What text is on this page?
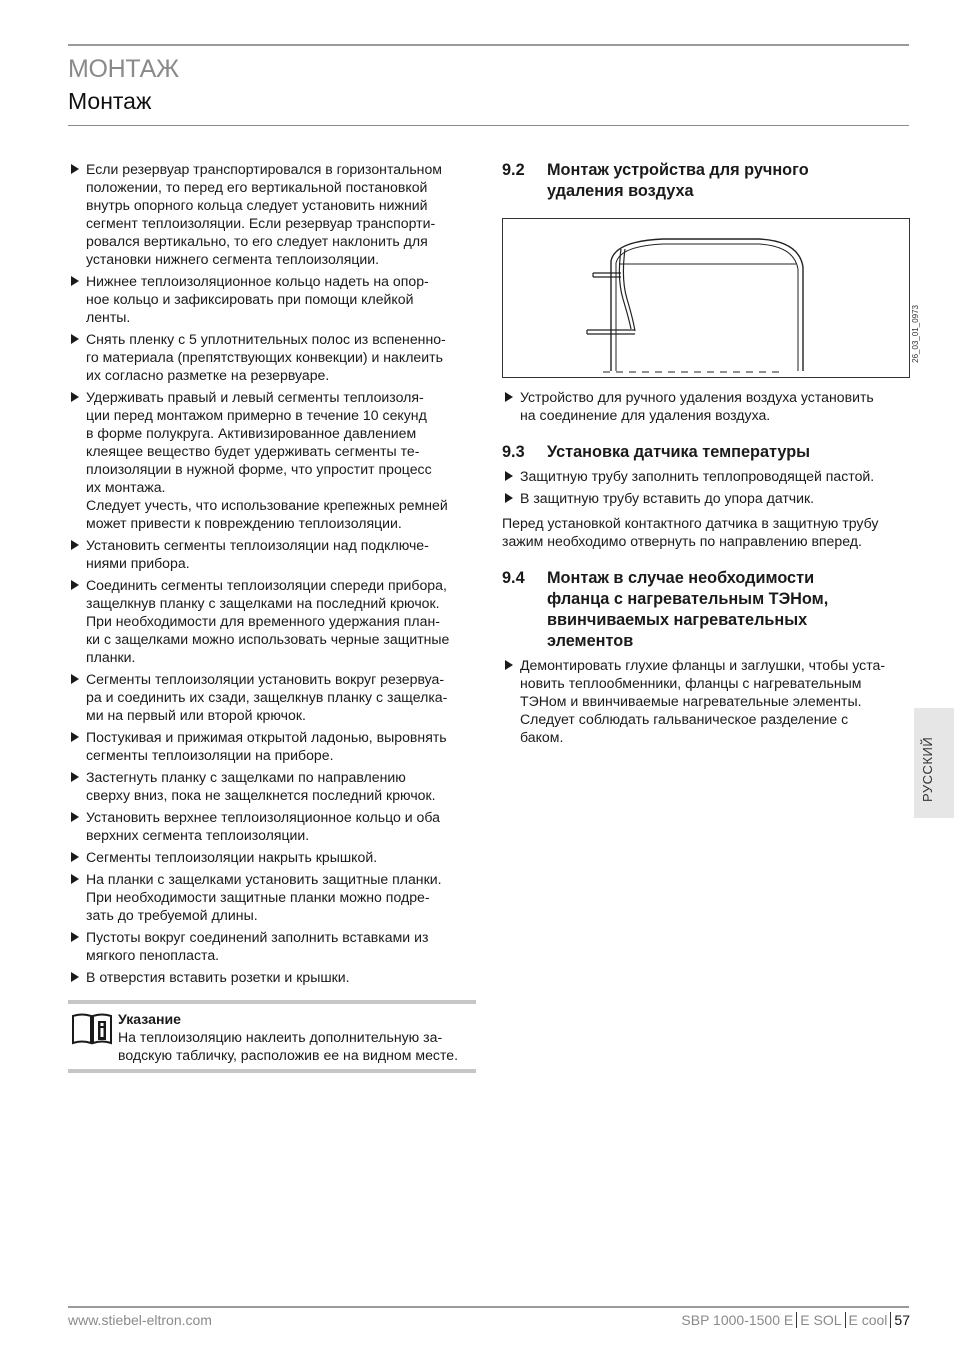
МОНТАЖ
Монтаж
Если резервуар транспортировался в горизонтальном
положении, то перед его вертикальной постановкой
внутрь опорного кольца следует установить нижний
сегмент теплоизоляции. Если резервуар транспорти-
ровался вертикально, то его следует наклонить для
установки нижнего сегмента теплоизоляции.
Нижнее теплоизоляционное кольцо надеть на опор-
ное кольцо и зафиксировать при помощи клейкой
ленты.
Снять пленку с 5 уплотнительных полос из вспененно-
го материала (препятствующих конвекции) и наклеить
их согласно разметке на резервуаре.
Удерживать правый и левый сегменты теплоизоля-
ции перед монтажом примерно в течение 10 секунд
в форме полукруга. Активизированное давлением
клеящее вещество будет удерживать сегменты те-
плоизоляции в нужной форме, что упростит процесс
их монтажа.
Следует учесть, что использование крепежных ремней
может привести к повреждению теплоизоляции.
Установить сегменты теплоизоляции над подключе-
ниями прибора.
Соединить сегменты теплоизоляции спереди прибора,
защелкнув планку с защелками на последний крючок.
При необходимости для временного удержания план-
ки с защелками можно использовать черные защитные
планки.
Сегменты теплоизоляции установить вокруг резервуа-
ра и соединить их сзади, защелкнув планку с защелка-
ми на первый или второй крючок.
Постукивая и прижимая открытой ладонью, выровнять
сегменты теплоизоляции на приборе.
Застегнуть планку с защелками по направлению
сверху вниз, пока не защелкнется последний крючок.
Установить верхнее теплоизоляционное кольцо и оба
верхних сегмента теплоизоляции.
Сегменты теплоизоляции накрыть крышкой.
На планки с защелками установить защитные планки.
При необходимости защитные планки можно подре-
зать до требуемой длины.
Пустоты вокруг соединений заполнить вставками из
мягкого пенопласта.
В отверстия вставить розетки и крышки.
Указание
На теплоизоляцию наклеить дополнительную за-
водскую табличку, расположив ее на видном месте.
9.2	Монтаж устройства для ручного
удаления воздуха
26_03_01_0973
Устройство для ручного удаления воздуха установить
на соединение для удаления воздуха.
9.3	Установка датчика температуры
Защитную трубу заполнить теплопроводящей пастой.
В защитную трубу вставить до упора датчик.
Перед установкой контактного датчика в защитную трубу
зажим необходимо отвернуть по направлению вперед.
9.4	Монтаж в случае необходимости
фланца с нагревательным ТЭНом,
ввинчиваемых нагревательных
элементов
Демонтировать глухие фланцы и заглушки, чтобы уста-
новить теплообменники, фланцы с нагревательным
ТЭНом и ввинчиваемые нагревательные элементы.
Следует соблюдать гальваническое разделение с
баком.	РУССКИЙ
www.stiebel-eltron.com	SBP 1000-1500 E E SOL E cool 57
